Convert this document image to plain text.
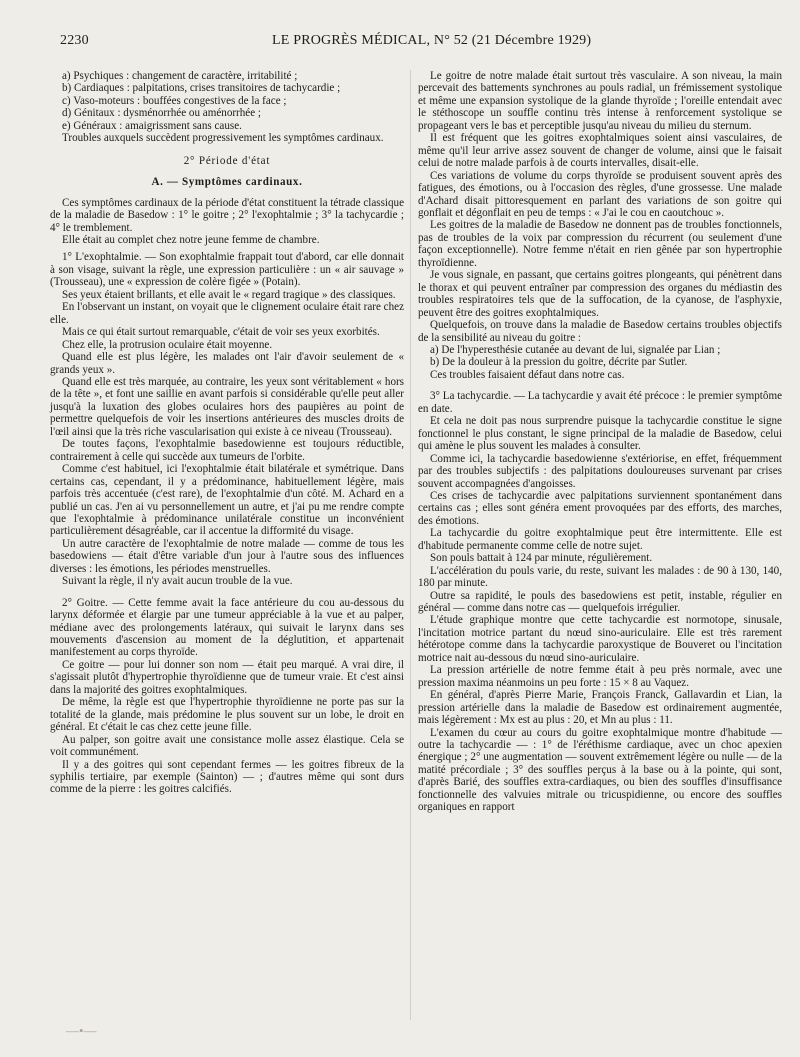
2230	LE PROGRÈS MÉDICAL, N° 52 (21 Décembre 1929)

a) Psychiques : changement de caractère, irritabilité ;

b) Cardiaques : palpitations, crises transitoires de tachycardie ;

c) Vaso-moteurs : bouffées congestives de la face ;

d) Génitaux : dysménorrhée ou aménorrhée ;

e) Généraux : amaigrissment sans cause.

Troubles auxquels succèdent progressivement les symptômes cardinaux.

2° Période d'état

A. — Symptômes cardinaux.

Ces symptômes cardinaux de la période d'état constituent la tétrade classique de la maladie de Basedow : 1° le goitre ; 2° l'exophtalmie ; 3° la tachycardie ; 4° le tremblement.

Elle était au complet chez notre jeune femme de chambre.

1° L'exophtalmie. — Son exophtalmie frappait tout d'abord, car elle donnait à son visage, suivant la règle, une expression particulière : un « air sauvage » (Trousseau), une « expression de colère figée » (Potain).

Ses yeux étaient brillants, et elle avait le « regard tragique » des classiques.

En l'observant un instant, on voyait que le clignement oculaire était rare chez elle.

Mais ce qui était surtout remarquable, c'était de voir ses yeux exorbités.

Chez elle, la protrusion oculaire était moyenne.

Quand elle est plus légère, les malades ont l'air d'avoir seulement de « grands yeux ».

Quand elle est très marquée, au contraire, les yeux sont véritablement « hors de la tête », et font une saillie en avant parfois si considérable qu'elle peut aller jusqu'à la luxation des globes oculaires hors des paupières au point de permettre quelquefois de voir les insertions antérieures des muscles droits de l'œil ainsi que la très riche vascularisation qui existe à ce niveau (Trousseau).

De toutes façons, l'exophtalmie basedowienne est toujours réductible, contrairement à celle qui succède aux tumeurs de l'orbite.

Comme c'est habituel, ici l'exophtalmie était bilatérale et symétrique. Dans certains cas, cependant, il y a prédominance, habituellement légère, mais parfois très accentuée (c'est rare), de l'exophtalmie d'un côté. M. Achard en a publié un cas. J'en ai vu personnellement un autre, et j'ai pu me rendre compte que l'exophtalmie à prédominance unilatérale constitue un inconvénient particulièrement désagréable, car il accentue la difformité du visage.

Un autre caractère de l'exophtalmie de notre malade — comme de tous les basedowiens — était d'être variable d'un jour à l'autre sous des influences diverses : les émotions, les périodes menstruelles.

Suivant la règle, il n'y avait aucun trouble de la vue.

2° Goitre. — Cette femme avait la face antérieure du cou au-dessous du larynx déformée et élargie par une tumeur appréciable à la vue et au palper, médiane avec des prolongements latéraux, qui suivait le larynx dans ses mouvements d'ascension au moment de la déglutition, et appartenait manifestement au corps thyroïde.

Ce goitre — pour lui donner son nom — était peu marqué. A vrai dire, il s'agissait plutôt d'hypertrophie thyroïdienne que de tumeur vraie. Et c'est ainsi dans la majorité des goitres exophtalmiques.

De même, la règle est que l'hypertrophie thyroïdienne ne porte pas sur la totalité de la glande, mais prédomine le plus souvent sur un lobe, le droit en général. Et c'était le cas chez cette jeune fille.

Au palper, son goitre avait une consistance molle assez élastique. Cela se voit communément.

Il y a des goitres qui sont cependant fermes — les goitres fibreux de la syphilis tertiaire, par exemple (Sainton) — ; d'autres même qui sont durs comme de la pierre : les goitres calcifiés.

Le goitre de notre malade était surtout très vasculaire. A son niveau, la main percevait des battements synchrones au pouls radial, un frémissement systolique et même une expansion systolique de la glande thyroïde ; l'oreille entendait avec le stéthoscope un souffle continu très intense à renforcement systolique se propageant vers le bas et perceptible jusqu'au niveau du milieu du sternum.

Il est fréquent que les goitres exophtalmiques soient ainsi vasculaires, de même qu'il leur arrive assez souvent de changer de volume, ainsi que le faisait celui de notre malade parfois à de courts intervalles, disait-elle.

Ces variations de volume du corps thyroïde se produisent souvent après des fatigues, des émotions, ou à l'occasion des règles, d'une grossesse. Une malade d'Achard disait pittoresquement en parlant des variations de son goitre qui gonflait et dégonflait en peu de temps : « J'ai le cou en caoutchouc ».

Les goitres de la maladie de Basedow ne donnent pas de troubles fonctionnels, pas de troubles de la voix par compression du récurrent (ou seulement d'une façon exceptionnelle). Notre femme n'était en rien gênée par son hypertrophie thyroïdienne.

Je vous signale, en passant, que certains goitres plongeants, qui pénètrent dans le thorax et qui peuvent entraîner par compression des organes du médiastin des troubles respiratoires tels que de la suffocation, de la cyanose, de l'asphyxie, peuvent être des goitres exophtalmiques.

Quelquefois, on trouve dans la maladie de Basedow certains troubles objectifs de la sensibilité au niveau du goitre :

a) De l'hyperesthésie cutanée au devant de lui, signalée par Lian ;

b) De la douleur à la pression du goitre, décrite par Sutler.

Ces troubles faisaient défaut dans notre cas.

3° La tachycardie. — La tachycardie y avait été précoce : le premier symptôme en date.

Et cela ne doit pas nous surprendre puisque la tachycardie constitue le signe fonctionnel le plus constant, le signe principal de la maladie de Basedow, celui qui amène le plus souvent les malades à consulter.

Comme ici, la tachycardie basedowienne s'extériorise, en effet, fréquemment par des troubles subjectifs : des palpitations douloureuses survenant par crises souvent accompagnées d'angoisses.

Ces crises de tachycardie avec palpitations surviennent spontanément dans certains cas ; elles sont généra ement provoquées par des efforts, des marches, des émotions.

La tachycardie du goitre exophtalmique peut être intermittente. Elle est d'habitude permanente comme celle de notre sujet.

Son pouls battait à 124 par minute, régulièrement.

L'accélération du pouls varie, du reste, suivant les malades : de 90 à 130, 140, 180 par minute.

Outre sa rapidité, le pouls des basedowiens est petit, instable, régulier en général — comme dans notre cas — quelquefois irrégulier.

L'étude graphique montre que cette tachycardie est normotope, sinusale, l'incitation motrice partant du nœud sino-auriculaire. Elle est très rarement hétérotope comme dans la tachycardie paroxystique de Bouveret ou l'incitation motrice nait au-dessous du nœud sino-auriculaire.

La pression artérielle de notre femme était à peu près normale, avec une pression maxima néanmoins un peu forte : 15 × 8 au Vaquez.

En général, d'après Pierre Marie, François Franck, Gallavardin et Lian, la pression artérielle dans la maladie de Basedow est ordinairement augmentée, mais légèrement : Mx est au plus : 20, et Mn au plus : 11.

L'examen du cœur au cours du goitre exophtalmique montre d'habitude — outre la tachycardie — : 1° de l'éréthisme cardiaque, avec un choc apexien énergique ; 2° une augmentation — souvent extrêmement légère ou nulle — de la matité précordiale ; 3° des souffles perçus à la base ou à la pointe, qui sont, d'après Barié, des souffles extra-cardiaques, ou bien des souffles d'insuffisance fonctionnelle des valvuies mitrale ou tricuspidienne, ou encore des souffles organiques en rapport

—•—
